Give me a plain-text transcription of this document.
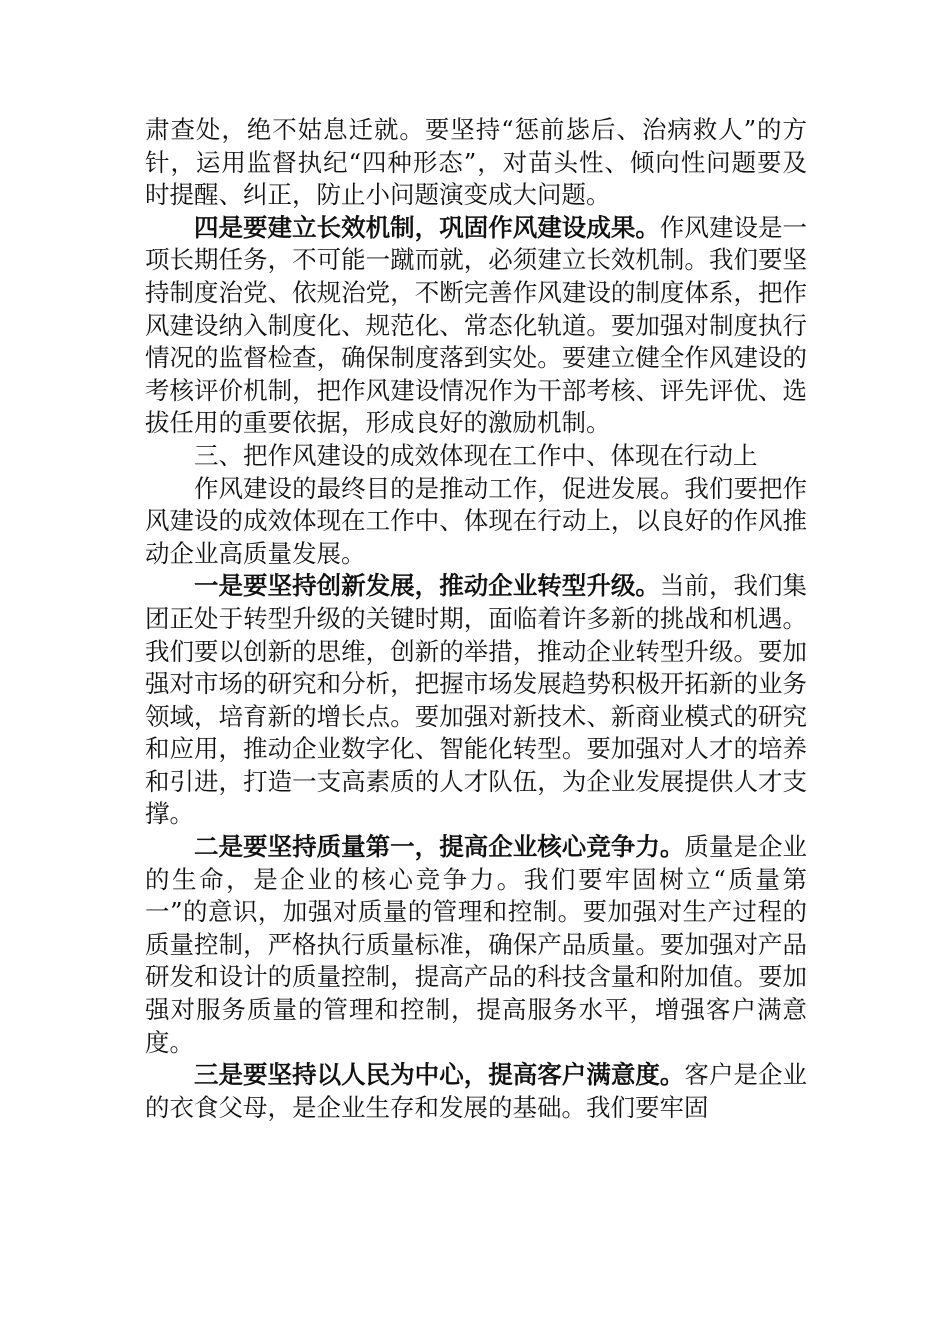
肃查处，绝不姑息迁就。要坚持“惩前毖后、治病救人”的方针，运用监督执纪“四种形态”，对苗头性、倾向性问题要及时提醒、纠正，防止小问题演变成大问题。

四是要建立长效机制，巩固作风建设成果。作风建设是一项长期任务，不可能一蹴而就，必须建立长效机制。我们要坚持制度治党、依规治党，不断完善作风建设的制度体系，把作风建设纳入制度化、规范化、常态化轨道。要加强对制度执行情况的监督检查，确保制度落到实处。要建立健全作风建设的考核评价机制，把作风建设情况作为干部考核、评先评优、选拔任用的重要依据，形成良好的激励机制。

三、把作风建设的成效体现在工作中、体现在行动上

作风建设的最终目的是推动工作，促进发展。我们要把作风建设的成效体现在工作中、体现在行动上，以良好的作风推动企业高质量发展。

一是要坚持创新发展，推动企业转型升级。当前，我们集团正处于转型升级的关键时期，面临着许多新的挑战和机遇。我们要以创新的思维，创新的举措，推动企业转型升级。要加强对市场的研究和分析，把握市场发展趋势积极开拓新的业务领域，培育新的增长点。要加强对新技术、新商业模式的研究和应用，推动企业数字化、智能化转型。要加强对人才的培养和引进，打造一支高素质的人才队伍，为企业发展提供人才支撑。

二是要坚持质量第一，提高企业核心竞争力。质量是企业的生命，是企业的核心竞争力。我们要牢固树立“质量第一”的意识，加强对质量的管理和控制。要加强对生产过程的质量控制，严格执行质量标准，确保产品质量。要加强对产品研发和设计的质量控制，提高产品的科技含量和附加值。要加强对服务质量的管理和控制，提高服务水平，增强客户满意度。

三是要坚持以人民为中心，提高客户满意度。客户是企业的衣食父母，是企业生存和发展的基础。我们要牢固
